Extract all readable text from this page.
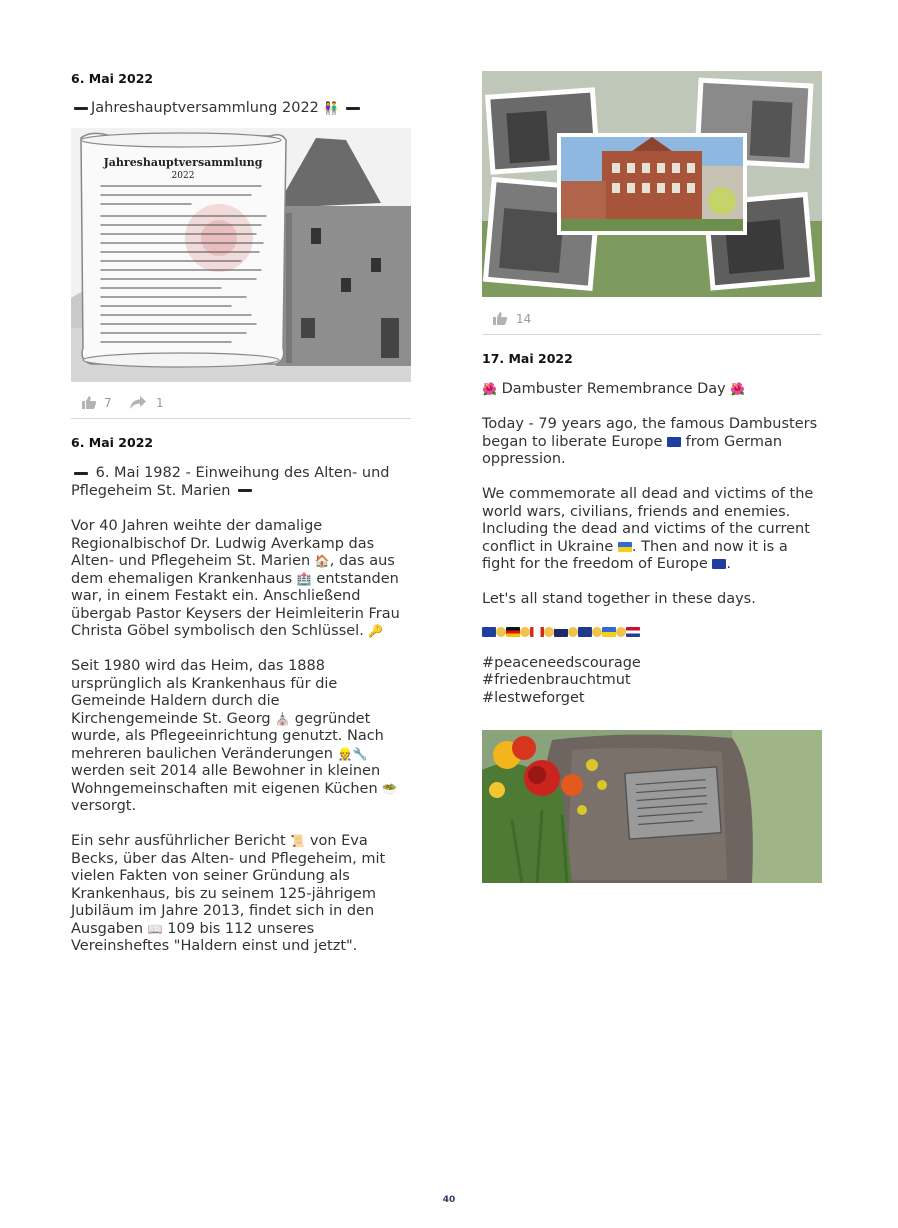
6. Mai 2022
Jahreshauptversammlung 2022 👫
Jahreshauptversammlung
2022
7	1
6. Mai 2022
6. Mai 1982 - Einweihung des Alten- und
Pflegeheim St. Marien

Vor 40 Jahren weihte der damalige Regionalbischof Dr. Ludwig Averkamp das Alten- und Pflegeheim St. Marien 🏠, das aus dem ehemaligen Krankenhaus 🏥 entstanden war, in einem Festakt ein. Anschließend übergab Pastor Keysers der Heimleiterin Frau Christa Göbel symbolisch den Schlüssel. 🔑

Seit 1980 wird das Heim, das 1888 ursprünglich als Krankenhaus für die Gemeinde Haldern durch die Kirchengemeinde St. Georg ⛪ gegründet wurde, als Pflegeeinrichtung genutzt. Nach mehreren baulichen Veränderungen 👷🔧 werden seit 2014 alle Bewohner in kleinen Wohngemeinschaften mit eigenen Küchen 🥗 versorgt.

Ein sehr ausführlicher Bericht 📜 von Eva Becks, über das Alten- und Pflegeheim, mit vielen Fakten von seiner Gründung als Krankenhaus, bis zu seinem 125-jährigem Jubiläum im Jahre 2013, findet sich in den Ausgaben 📖 109 bis 112 unseres Vereinsheftes "Haldern einst und jetzt".

14
17. Mai 2022
🌺 Dambuster Remembrance Day 🌺

Today - 79 years ago, the famous Dambusters began to liberate Europe  from German oppression.

We commemorate all dead and victims of the world wars, civilians, friends and enemies. Including the dead and victims of the current conflict in Ukraine . Then and now it is a fight for the freedom of Europe .

Let's all stand together in these days.

#peaceneedscourage
#friedenbrauchtmut
#lestweforget
40
